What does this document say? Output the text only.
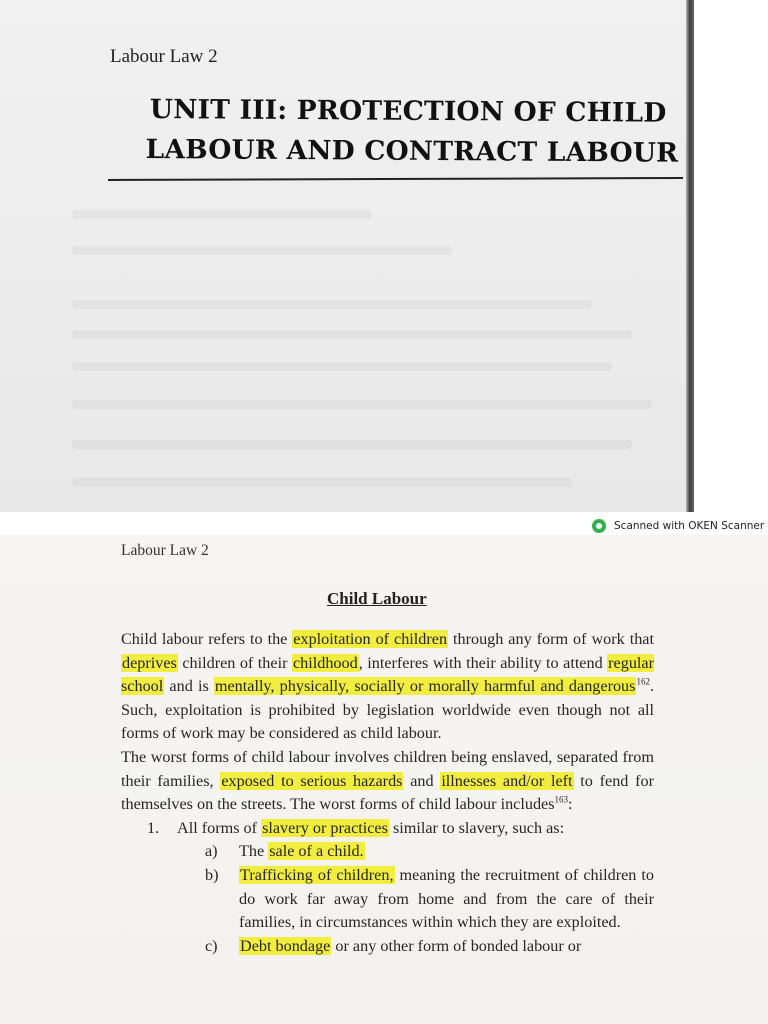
Labour Law 2
UNIT III: PROTECTION OF CHILD
LABOUR AND CONTRACT LABOUR
Scanned with OKEN Scanner
Labour Law 2
Child Labour

Child labour refers to the exploitation of children through any form of work that deprives children of their childhood, interferes with their ability to attend regular school and is mentally, physically, socially or morally harmful and dangerous$^{162}$. Such, exploitation is prohibited by legislation worldwide even though not all forms of work may be considered as child labour.

The worst forms of child labour involves children being enslaved, separated from their families, exposed to serious hazards and illnesses and/or left to fend for themselves on the streets. The worst forms of child labour includes$^{163}$:

1.	All forms of slavery or practices similar to slavery, such as:
a)	The sale of a child.
b)	Trafficking of children, meaning the recruitment of children to do work far away from home and from the care of their families, in circumstances within which they are exploited.
c)	Debt bondage or any other form of bonded labour or
